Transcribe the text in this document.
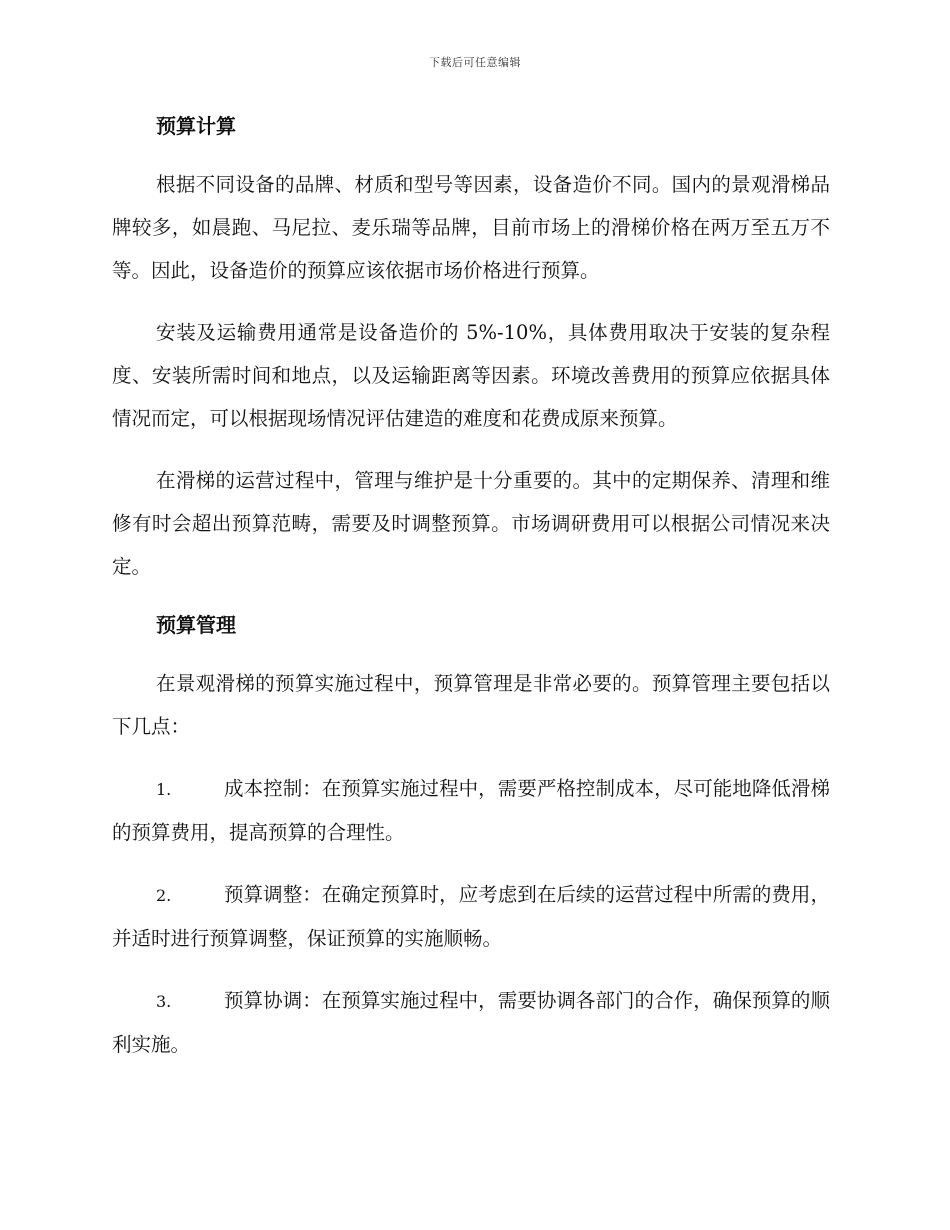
下载后可任意编辑
预算计算

根据不同设备的品牌、材质和型号等因素，设备造价不同。国内的景观滑梯品牌较多，如晨跑、马尼拉、麦乐瑞等品牌，目前市场上的滑梯价格在两万至五万不等。因此，设备造价的预算应该依据市场价格进行预算。

安装及运输费用通常是设备造价的 5%-10%，具体费用取决于安装的复杂程度、安装所需时间和地点，以及运输距离等因素。环境改善费用的预算应依据具体情况而定，可以根据现场情况评估建造的难度和花费成原来预算。

在滑梯的运营过程中，管理与维护是十分重要的。其中的定期保养、清理和维修有时会超出预算范畴，需要及时调整预算。市场调研费用可以根据公司情况来决定。

预算管理

在景观滑梯的预算实施过程中，预算管理是非常必要的。预算管理主要包括以下几点：

1.	成本控制：在预算实施过程中，需要严格控制成本，尽可能地降低滑梯的预算费用，提高预算的合理性。
2.	预算调整：在确定预算时，应考虑到在后续的运营过程中所需的费用，并适时进行预算调整，保证预算的实施顺畅。
3.	预算协调：在预算实施过程中，需要协调各部门的合作，确保预算的顺利实施。
